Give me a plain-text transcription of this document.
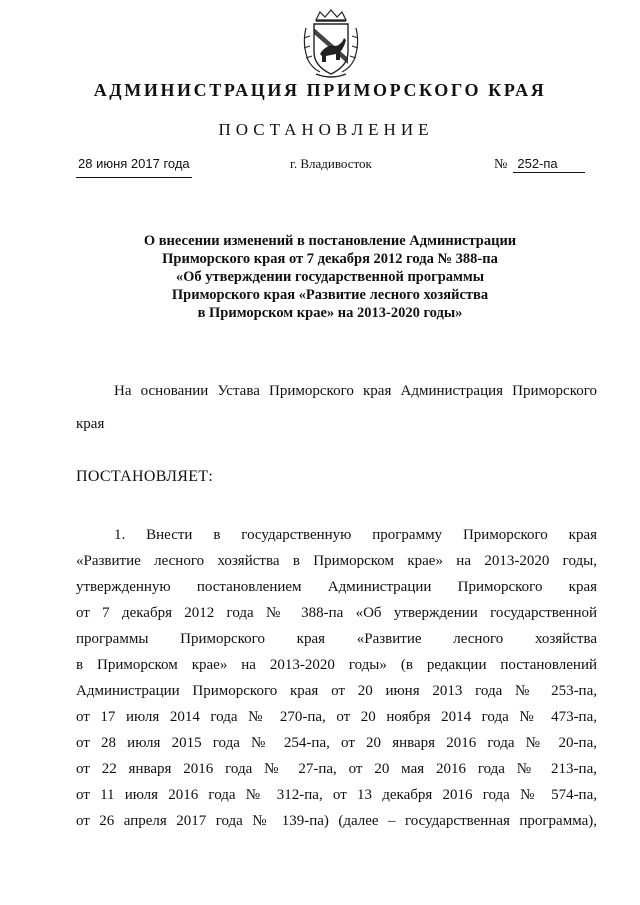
АДМИНИСТРАЦИЯ ПРИМОРСКОГО КРАЯ
ПОСТАНОВЛЕНИЕ
28 июня 2017 года	г. Владивосток	№ 252-па
О внесении изменений в постановление Администрации
Приморского края от 7 декабря 2012 года № 388-па
«Об утверждении государственной программы
Приморского края «Развитие лесного хозяйства
в Приморском крае» на 2013-2020 годы»
На основании Устава Приморского края Администрация Приморского
края
ПОСТАНОВЛЯЕТ:
1. Внести в государственную программу Приморского края
«Развитие лесного хозяйства в Приморском крае» на 2013-2020 годы,
утвержденную постановлением Администрации Приморского края
от 7 декабря 2012 года № 388-па «Об утверждении государственной
программы Приморского края «Развитие лесного хозяйства
в Приморском крае» на 2013-2020 годы» (в редакции постановлений
Администрации Приморского края от 20 июня 2013 года № 253-па,
от 17 июля 2014 года № 270-па, от 20 ноября 2014 года № 473-па,
от 28 июля 2015 года № 254-па, от 20 января 2016 года № 20-па,
от 22 января 2016 года № 27-па, от 20 мая 2016 года № 213-па,
от 11 июля 2016 года № 312-па, от 13 декабря 2016 года № 574-па,
от 26 апреля 2017 года № 139-па) (далее – государственная программа),
